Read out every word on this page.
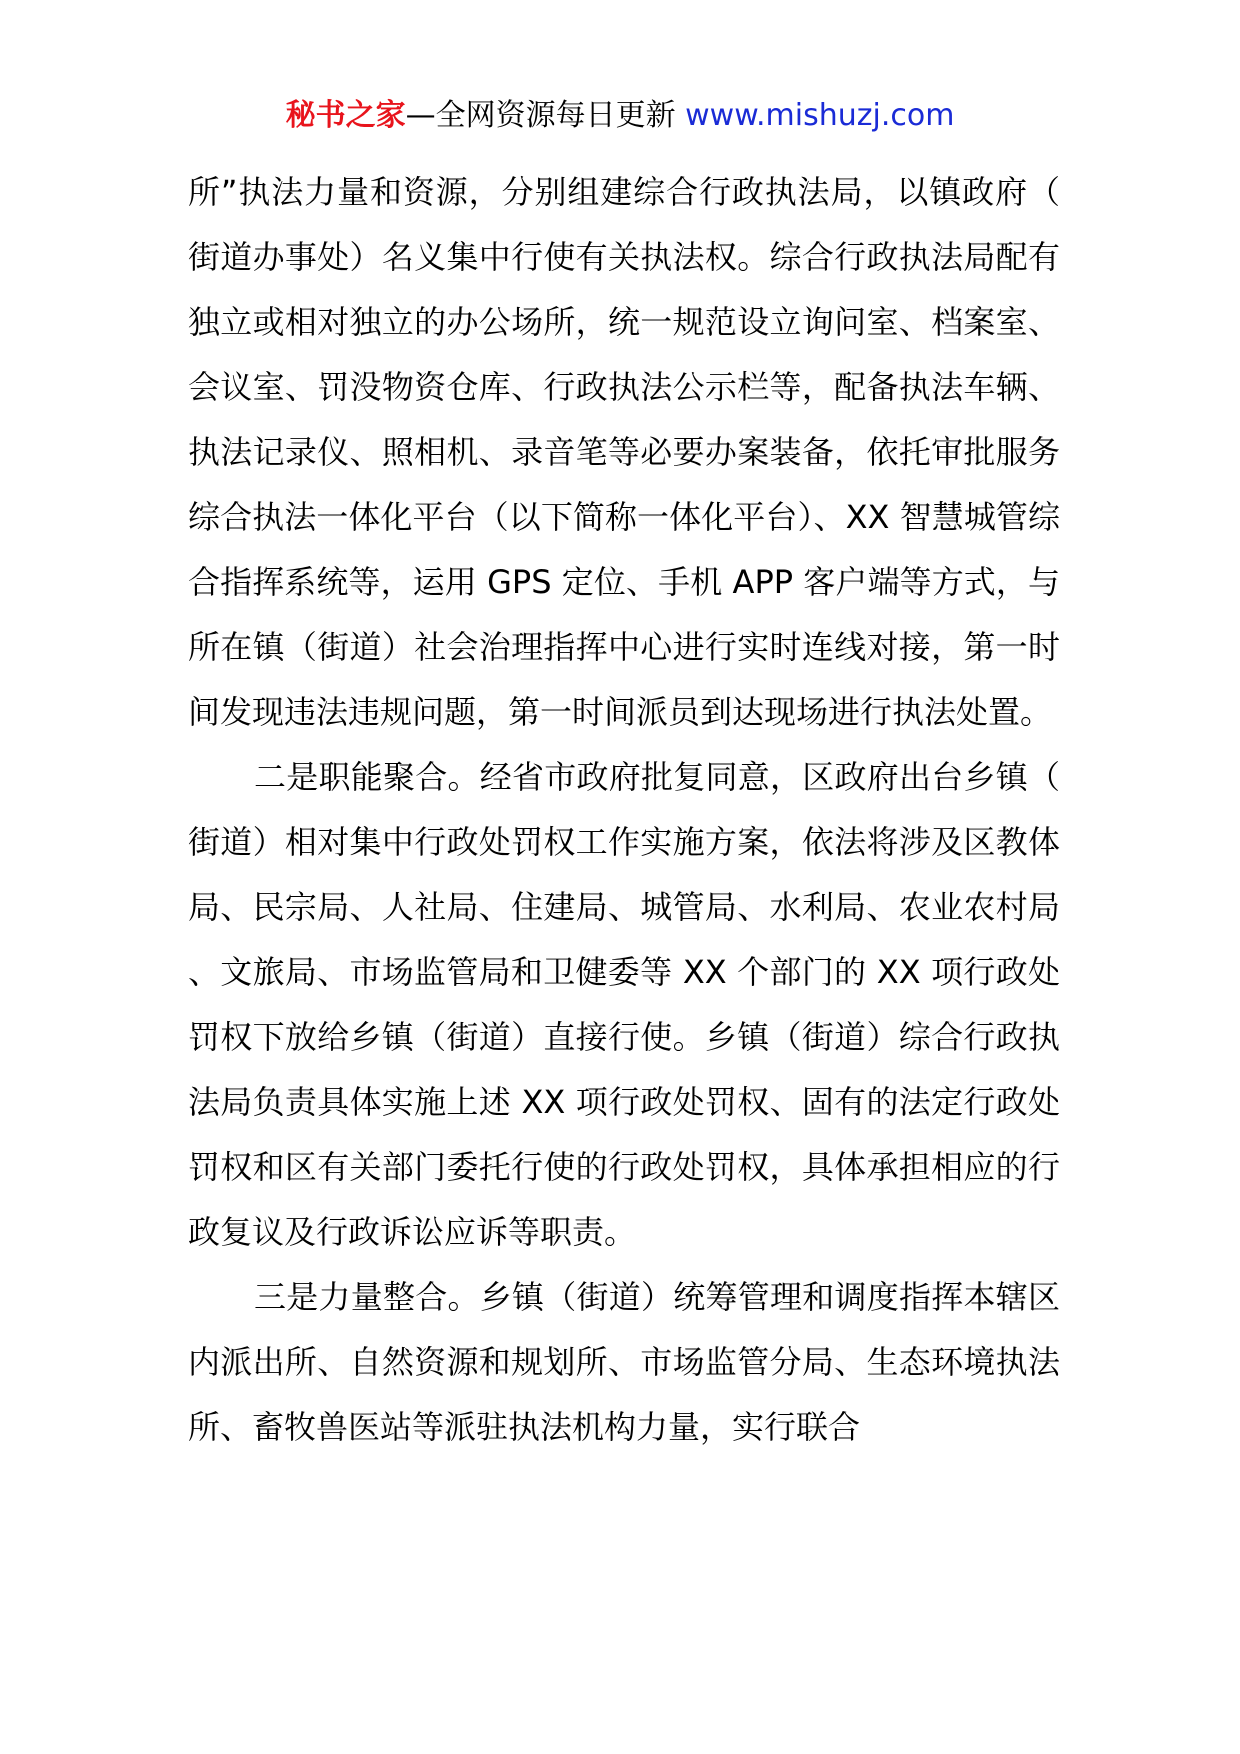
秘书之家—全网资源每日更新 www.mishuzj.com

所”执法力量和资源，分别组建综合行政执法局，以镇政府（街道办事处）名义集中行使有关执法权。综合行政执法局配有独立或相对独立的办公场所，统一规范设立询问室、档案室、会议室、罚没物资仓库、行政执法公示栏等，配备执法车辆、执法记录仪、照相机、录音笔等必要办案装备，依托审批服务综合执法一体化平台（以下简称一体化平台）、XX 智慧城管综合指挥系统等，运用 GPS 定位、手机 APP 客户端等方式，与所在镇（街道）社会治理指挥中心进行实时连线对接，第一时间发现违法违规问题，第一时间派员到达现场进行执法处置。

二是职能聚合。经省市政府批复同意，区政府出台乡镇（街道）相对集中行政处罚权工作实施方案，依法将涉及区教体局、民宗局、人社局、住建局、城管局、水利局、农业农村局、文旅局、市场监管局和卫健委等 XX 个部门的 XX 项行政处罚权下放给乡镇（街道）直接行使。乡镇（街道）综合行政执法局负责具体实施上述 XX 项行政处罚权、固有的法定行政处罚权和区有关部门委托行使的行政处罚权，具体承担相应的行政复议及行政诉讼应诉等职责。

三是力量整合。乡镇（街道）统筹管理和调度指挥本辖区内派出所、自然资源和规划所、市场监管分局、生态环境执法所、畜牧兽医站等派驻执法机构力量，实行联合
